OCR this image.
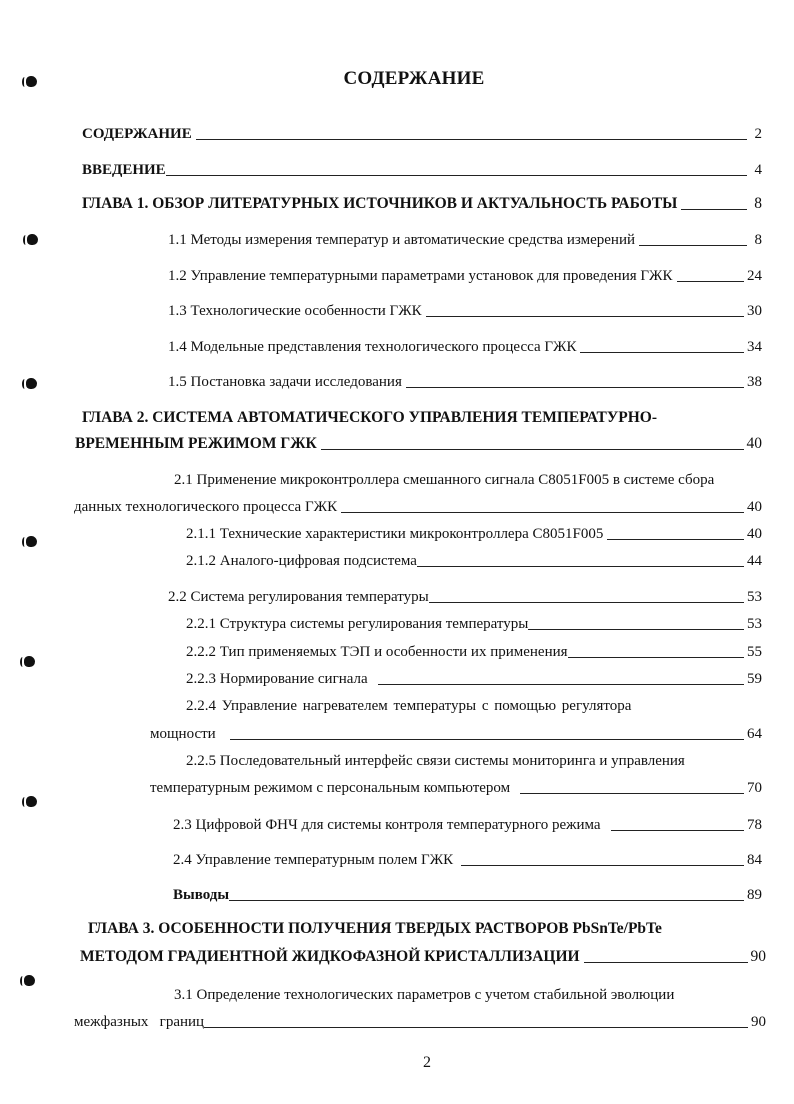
СОДЕРЖАНИЕ
СОДЕРЖАНИЕ	2
ВВЕДЕНИЕ	4
ГЛАВА 1. ОБЗОР ЛИТЕРАТУРНЫХ ИСТОЧНИКОВ И АКТУАЛЬНОСТЬ РАБОТЫ	8
1.1 Методы измерения температур и автоматические средства измерений	8
1.2 Управление температурными параметрами установок для проведения ГЖК	24
1.3 Технологические особенности ГЖК	30
1.4 Модельные представления технологического процесса ГЖК	34
1.5 Постановка задачи исследования	38
ГЛАВА 2. СИСТЕМА АВТОМАТИЧЕСКОГО УПРАВЛЕНИЯ ТЕМПЕРАТУРНО-
ВРЕМЕННЫМ РЕЖИМОМ ГЖК	40
2.1 Применение микроконтроллера смешанного сигнала C8051F005 в системе сбора
данных технологического процесса ГЖК	40
2.1.1 Технические характеристики микроконтроллера C8051F005	40
2.1.2 Аналого-цифровая подсистема	44
2.2 Система регулирования температуры	53
2.2.1 Структура системы регулирования температуры	53
2.2.2 Тип применяемых ТЭП и особенности их применения	55
2.2.3 Нормирование сигнала	59
2.2.4 Управление нагревателем температуры с помощью регулятора
мощности	64
2.2.5 Последовательный интерфейс связи системы мониторинга и управления
температурным режимом с персональным компьютером	70
2.3 Цифровой ФНЧ для системы контроля температурного режима	78
2.4 Управление температурным полем ГЖК	84
Выводы	89
ГЛАВА 3. ОСОБЕННОСТИ ПОЛУЧЕНИЯ ТВЕРДЫХ РАСТВОРОВ PbSnTe/PbTe
МЕТОДОМ ГРАДИЕНТНОЙ ЖИДКОФАЗНОЙ КРИСТАЛЛИЗАЦИИ	90
3.1 Определение технологических параметров с учетом стабильной эволюции
межфазных   границ	90
2
